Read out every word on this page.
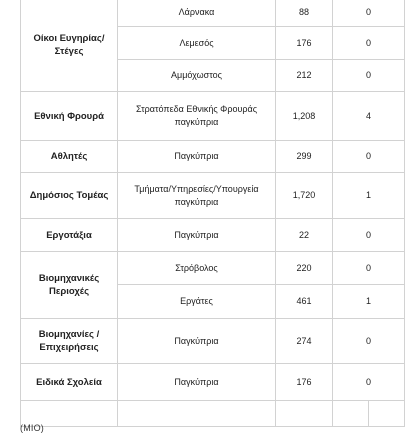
Οίκοι Ευγηρίας/ Στέγες	Λάρνακα	88	0
	Λεμεσός	176	0
	Αμμόχωστος	212	0
Εθνική Φρουρά	Στρατόπεδα Εθνικής Φρουράς παγκύπρια	1,208	4
Αθλητές	Παγκύπρια	299	0
Δημόσιος Τομέας	Τμήματα/Υπηρεσίες/Υπουργεία παγκύπρια	1,720	1
Εργοτάξια	Παγκύπρια	22	0
Βιομηχανικές Περιοχές	Στρόβολος	220	0
	Εργάτες	461	1
Βιομηχανίες / Επιχειρήσεις	Παγκύπρια	274	0
Ειδικά Σχολεία	Παγκύπρια	176	0

(ΜΙΟ)
